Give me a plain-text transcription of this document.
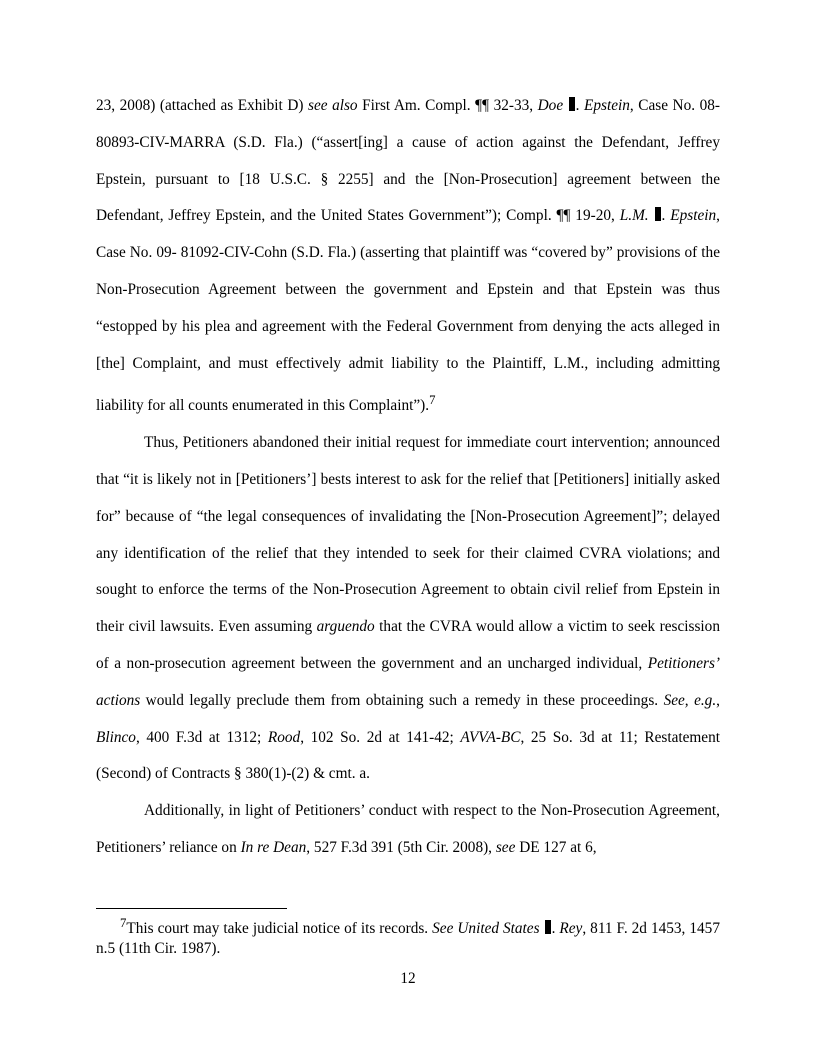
23, 2008) (attached as Exhibit D) see also First Am. Compl. ¶¶ 32-33, Doe . Epstein, Case No. 08-80893-CIV-MARRA (S.D. Fla.) (“assert[ing] a cause of action against the Defendant, Jeffrey Epstein, pursuant to [18 U.S.C. § 2255] and the [Non-Prosecution] agreement between the Defendant, Jeffrey Epstein, and the United States Government”); Compl. ¶¶ 19-20, L.M. . Epstein, Case No. 09- 81092-CIV-Cohn (S.D. Fla.) (asserting that plaintiff was “covered by” provisions of the Non-Prosecution Agreement between the government and Epstein and that Epstein was thus “estopped by his plea and agreement with the Federal Government from denying the acts alleged in [the] Complaint, and must effectively admit liability to the Plaintiff, L.M., including admitting liability for all counts enumerated in this Complaint”).$^7$

Thus, Petitioners abandoned their initial request for immediate court intervention; announced that “it is likely not in [Petitioners’] bests interest to ask for the relief that [Petitioners] initially asked for” because of “the legal consequences of invalidating the [Non-Prosecution Agreement]”; delayed any identification of the relief that they intended to seek for their claimed CVRA violations; and sought to enforce the terms of the Non-Prosecution Agreement to obtain civil relief from Epstein in their civil lawsuits. Even assuming arguendo that the CVRA would allow a victim to seek rescission of a non-prosecution agreement between the government and an uncharged individual, Petitioners’ actions would legally preclude them from obtaining such a remedy in these proceedings. See, e.g., Blinco, 400 F.3d at 1312; Rood, 102 So. 2d at 141-42; AVVA-BC, 25 So. 3d at 11; Restatement (Second) of Contracts § 380(1)-(2) & cmt. a.

Additionally, in light of Petitioners’ conduct with respect to the Non-Prosecution Agreement, Petitioners’ reliance on In re Dean, 527 F.3d 391 (5th Cir. 2008), see DE 127 at 6,

$^7$This court may take judicial notice of its records. See United States . Rey, 811 F. 2d 1453, 1457 n.5 (11th Cir. 1987).

12
